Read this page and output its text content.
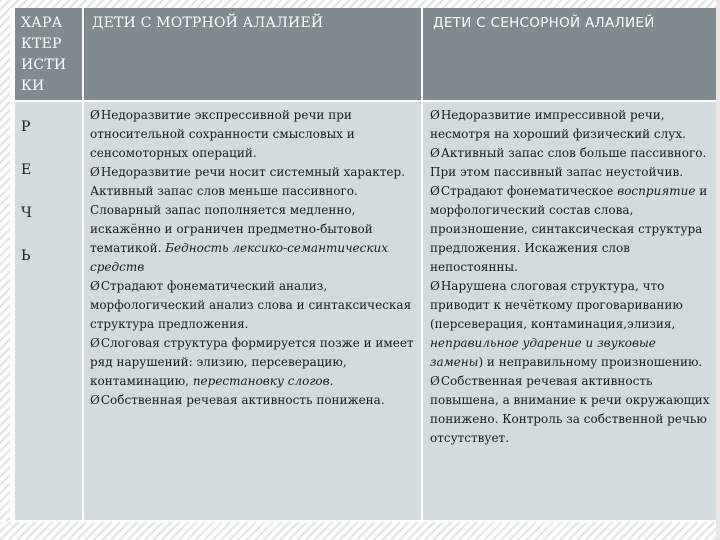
ХАРА
КТЕР
ИСТИ
КИ
ДЕТИ С МОТРНОЙ АЛАЛИЕЙ	ДЕТИ С СЕНСОРНОЙ АЛАЛИЕЙ
Р
Е
Ч
Ь

ØНедоразвитие экспрессивной речи при относительной сохранности смысловых и сенсомоторных операций.

ØНедоразвитие речи носит системный характер.

Активный запас слов меньше пассивного. Словарный запас пополняется медленно, искажённо и ограничен предметно-бытовой тематикой. Бедность лексико-семантических средств

ØСтрадают фонематический анализ, морфологический анализ слова и синтаксическая структура предложения.

ØСлоговая структура формируется позже и имеет ряд нарушений: элизию, персеверацию, контаминацию, перестановку слогов.

ØСобственная речевая активность понижена.

ØНедоразвитие импрессивной речи, несмотря на хороший физический слух.

ØАктивный запас слов больше пассивного. При этом пассивный запас неустойчив.

ØСтрадают фонематическое восприятие и морфологический состав слова, произношение, синтаксическая структура предложения. Искажения слов непостоянны.

ØНарушена слоговая структура, что приводит к нечёткому проговариванию (персеверация, контаминация,элизия, неправильное ударение и звуковые замены) и неправильному произношению.

ØСобственная речевая активность повышена, а внимание к речи окружающих понижено. Контроль за собственной речью отсутствует.
